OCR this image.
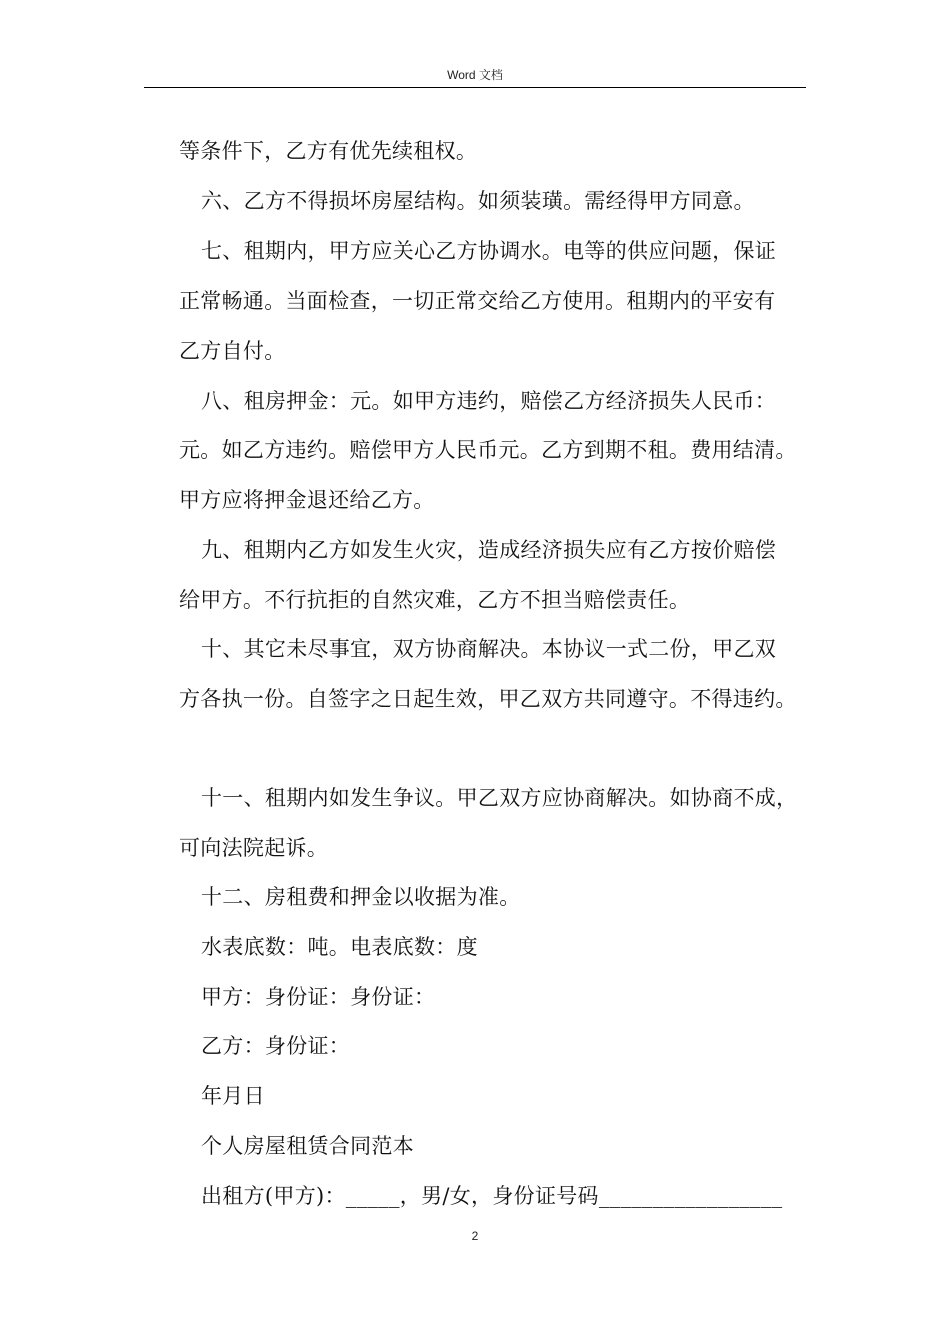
Word 文档
等条件下，乙方有优先续租权。
六、乙方不得损坏房屋结构。如须装璜。需经得甲方同意。
七、租期内，甲方应关心乙方协调水。电等的供应问题，保证
正常畅通。当面检查，一切正常交给乙方使用。租期内的平安有
乙方自付。
八、租房押金：元。如甲方违约，赔偿乙方经济损失人民币：
元。如乙方违约。赔偿甲方人民币元。乙方到期不租。费用结清。
甲方应将押金退还给乙方。
九、租期内乙方如发生火灾，造成经济损失应有乙方按价赔偿
给甲方。不行抗拒的自然灾难，乙方不担当赔偿责任。
十、其它未尽事宜，双方协商解决。本协议一式二份，甲乙双
方各执一份。自签字之日起生效，甲乙双方共同遵守。不得违约。
十一、租期内如发生争议。甲乙双方应协商解决。如协商不成，
可向法院起诉。
十二、房租费和押金以收据为准。
水表底数：吨。电表底数：度
甲方：身份证：身份证：
乙方：身份证：
年月日
个人房屋租赁合同范本
出租方(甲方)：_____，男/女，身份证号码_________________
2
